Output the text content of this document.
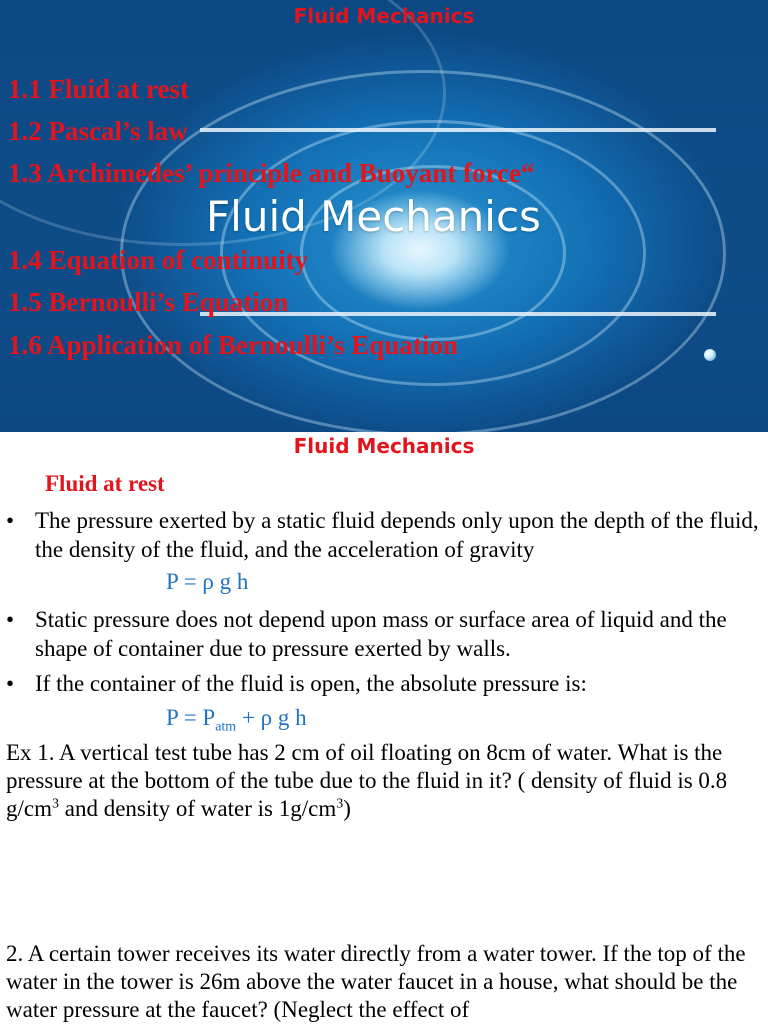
Fluid Mechanics
Fluid Mechanics
1.1 Fluid at rest
1.2 Pascal’s law
1.3 Archimedes’ principle and Buoyant force“
1.4 Equation of continuity
1.5 Bernoulli’s Equation
1.6 Application of Bernoulli’s Equation
Fluid Mechanics
Fluid at rest
• The pressure exerted by a static fluid depends only upon the depth of the fluid, the density of the fluid, and the acceleration of gravity
P = ρ g h
• Static pressure does not depend upon mass or surface area of liquid and the shape of container due to pressure exerted by walls.
• If the container of the fluid is open, the absolute pressure is:
$P = P_{atm} + \rho$ g h
Ex 1. A vertical test tube has 2 cm of oil floating on 8cm of water. What is the pressure at the bottom of the tube due to the fluid in it? ( density of fluid is 0.8 $g/cm^3$ and density of water is $1g/cm^3$)
2. A certain tower receives its water directly from a water tower. If the top of the water in the tower is 26m above the water faucet in a house, what should be the water pressure at the faucet? (Neglect the effect of
